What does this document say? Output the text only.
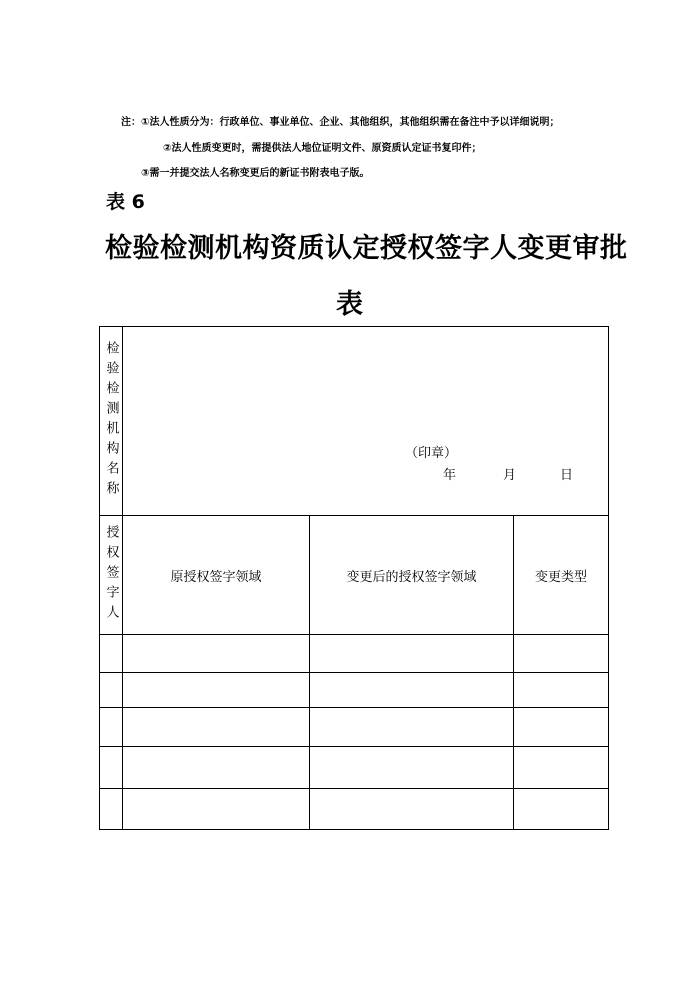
注：①法人性质分为：行政单位、事业单位、企业、其他组织，其他组织需在备注中予以详细说明；
②法人性质变更时，需提供法人地位证明文件、原资质认定证书复印件；
③需一并提交法人名称变更后的新证书附表电子版。
表 6
检验检测机构资质认定授权签字人变更审批
表
检验检测机构名称	（印章）
年 月 日		

授权签字人	原授权签字领域	变更后的授权签字领域	变更类型
